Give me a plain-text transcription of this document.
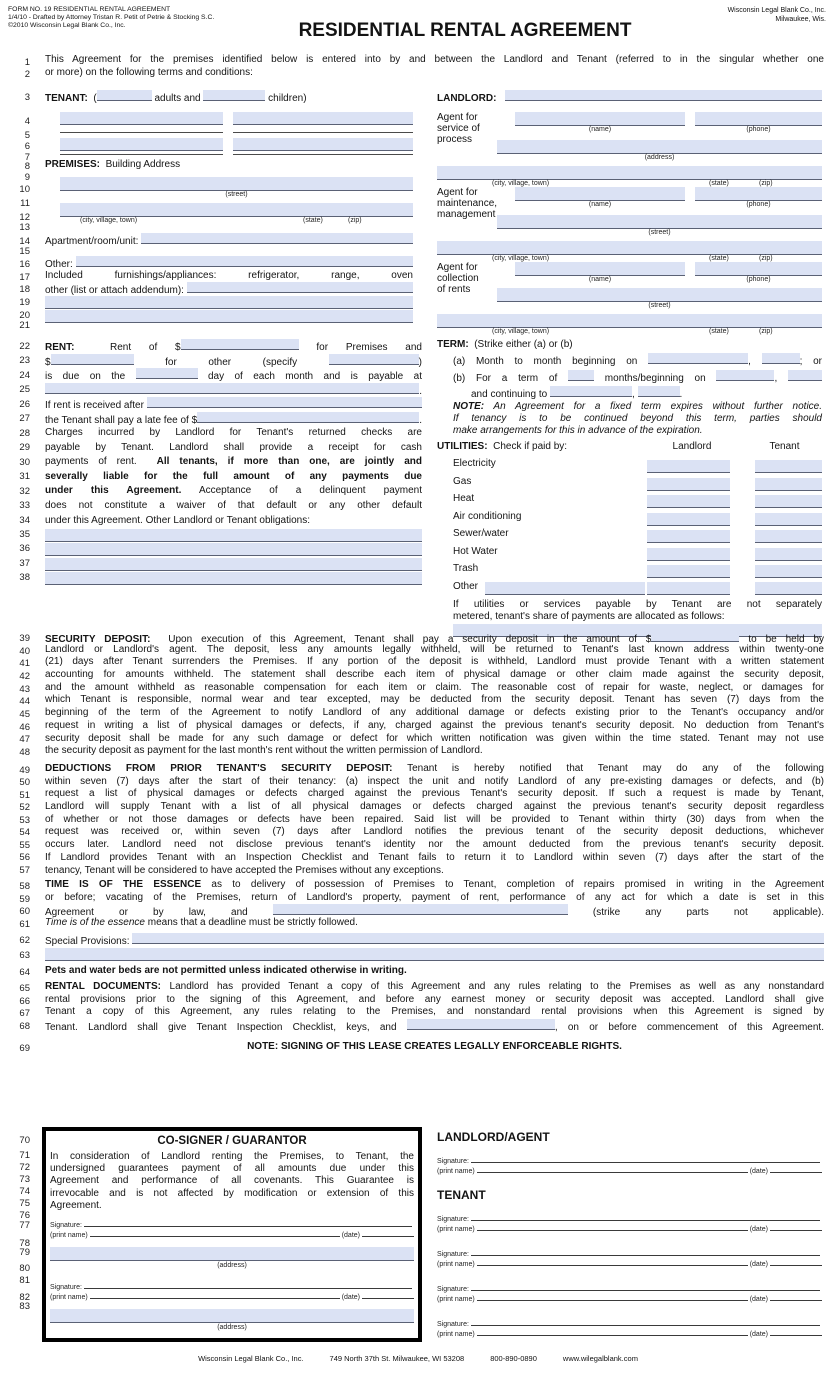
1
2
3
4
5
6
7
8
9
10
11
12
13
14
15
16
17
18
19
20
21
22
23
24
25
26
27
28
29
30
31
32
33
34
35
36
37
38
39
40
41
42
43
44
45
46
47
48
49
50
51
52
53
54
55
56
57
58
59
60
61
62
63
64
65
66
67
68
69
70
71
72
73
74
75
76
77
78
79
80
81
82
83
FORM NO. 19 RESIDENTIAL RENTAL AGREEMENT
1/4/10 - Drafted by Attorney Tristan R. Petit of Petrie & Stocking S.C.
©2010 Wisconsin Legal Blank Co., Inc.	RESIDENTIAL RENTAL AGREEMENT
Wisconsin Legal Blank Co., Inc.
Milwaukee, Wis.
This Agreement for the premises identified below is entered into by and between the Landlord and Tenant (referred to in the singular whether one
or more) on the following terms and conditions:
TENANT:  (	adults and	children)
PREMISES:  Building Address
(street)
(city, village, town)	(state)	(zip)
Apartment/room/unit:
Other:
Included furnishings/appliances: refrigerator, range, oven
other (list or attach addendum):
RENT:  Rent of $	for Premises and
$	for other (specify	)
is due on the	day of each month and is payable at
.
If rent is received after
the Tenant shall pay a late fee of $	.
Charges incurred by Landlord for Tenant's returned checks are
payable by Tenant. Landlord shall provide a receipt for cash
payments of rent.  All tenants, if more than one, are jointly and
severally liable for the full amount of any payments due
under this Agreement. Acceptance of a delinquent payment
does not constitute a waiver of that default or any other default
under this Agreement. Other Landlord or Tenant obligations:
LANDLORD:

Agent for
service of
process
(name)	(phone)
(address)
(city, village, town)	(state)	(zip)
Agent for
maintenance,
management
(name)	(phone)
(street)
(city, village, town)	(state)	(zip)
Agent for
collection
of rents
(name)	(phone)
(street)
(city, village, town)	(state)	(zip)
TERM:  (Strike either (a) or (b)
(a) Month to month beginning on	,	; or
(b) For a term of	months/beginning on	,
and continuing to	,	.
NOTE: An Agreement for a fixed term expires without further notice.
If tenancy is to be continued beyond this term, parties should
make arrangements for this in advance of the expiration.
UTILITIES:  Check if paid by:	Landlord	Tenant
Electricity
Gas
Heat
Air conditioning
Sewer/water
Hot Water
Trash
Other
If utilities or services payable by Tenant are not separately
metered, tenant's share of payments are allocated as follows:
SECURITY DEPOSIT:  Upon execution of this Agreement, Tenant shall pay a security deposit in the amount of $	to be held by
Landlord or Landlord's agent. The deposit, less any amounts legally withheld, will be returned to Tenant's last known address within twenty-one
(21) days after Tenant surrenders the Premises. If any portion of the deposit is withheld, Landlord must provide Tenant with a written statement
accounting for amounts withheld. The statement shall describe each item of physical damage or other claim made against the security deposit,
and the amount withheld as reasonable compensation for each item or claim. The reasonable cost of repair for waste, neglect, or damages for
which Tenant is responsible, normal wear and tear excepted, may be deducted from the security deposit. Tenant has seven (7) days from the
beginning of the term of the Agreement to notify Landlord of any additional damage or defects existing prior to the Tenant's occupancy and/or
request in writing a list of physical damages or defects, if any, charged against the previous tenant's security deposit. No deduction from Tenant's
security deposit shall be made for any such damage or defect for which written notification was given within the time stated. Tenant may not use
the security deposit as payment for the last month's rent without the written permission of Landlord.
DEDUCTIONS FROM PRIOR TENANT'S SECURITY DEPOSIT: Tenant is hereby notified that Tenant may do any of the following
within seven (7) days after the start of their tenancy: (a) inspect the unit and notify Landlord of any pre-existing damages or defects, and (b)
request a list of physical damages or defects charged against the previous Tenant's security deposit. If such a request is made by Tenant,
Landlord will supply Tenant with a list of all physical damages or defects charged against the previous tenant's security deposit regardless
of whether or not those damages or defects have been repaired. Said list will be provided to Tenant within thirty (30) days from when the
request was received or, within seven (7) days after Landlord notifies the previous tenant of the security deposit deductions, whichever
occurs later. Landlord need not disclose previous tenant's identity nor the amount deducted from the previous tenant's security deposit.
If Landlord provides Tenant with an Inspection Checklist and Tenant fails to return it to Landlord within seven (7) days after the start of the
tenancy, Tenant will be considered to have accepted the Premises without any exceptions.
TIME IS OF THE ESSENCE as to delivery of possession of Premises to Tenant, completion of repairs promised in writing in the Agreement
or before; vacating of the Premises, return of Landlord's property, payment of rent, performance of any act for which a date is set in this
Agreement or by law, and	(strike any parts not applicable).
Time is of the essence means that a deadline must be strictly followed.
Special Provisions:
Pets and water beds are not permitted unless indicated otherwise in writing.
RENTAL DOCUMENTS: Landlord has provided Tenant a copy of this Agreement and any rules relating to the Premises as well as any nonstandard
rental provisions prior to the signing of this Agreement, and before any earnest money or security deposit was accepted. Landlord shall give
Tenant a copy of this Agreement, any rules relating to the Premises, and nonstandard rental provisions when this Agreement is signed by
Tenant. Landlord shall give Tenant Inspection Checklist, keys, and	, on or before commencement of this Agreement.
NOTE: SIGNING OF THIS LEASE CREATES LEGALLY ENFORCEABLE RIGHTS.
CO-SIGNER / GUARANTOR
In consideration of Landlord renting the Premises, to Tenant, the
undersigned guarantees payment of all amounts due under this
Agreement and performance of all covenants. This Guarantee is
irrevocable and is not affected by modification or extension of this
Agreement.
Signature:
(print name)	(date)
(address)
Signature:
(print name)	(date)
(address)
LANDLORD/AGENT
Signature:
(print name)	(date)
TENANT
Signature:
(print name)	(date)
Signature:
(print name)	(date)
Signature:
(print name)	(date)
Signature:
(print name)	(date)
Wisconsin Legal Blank Co., Inc.	749 North 37th St. Milwaukee, WI 53208	800-890-0890	www.wilegalblank.com
